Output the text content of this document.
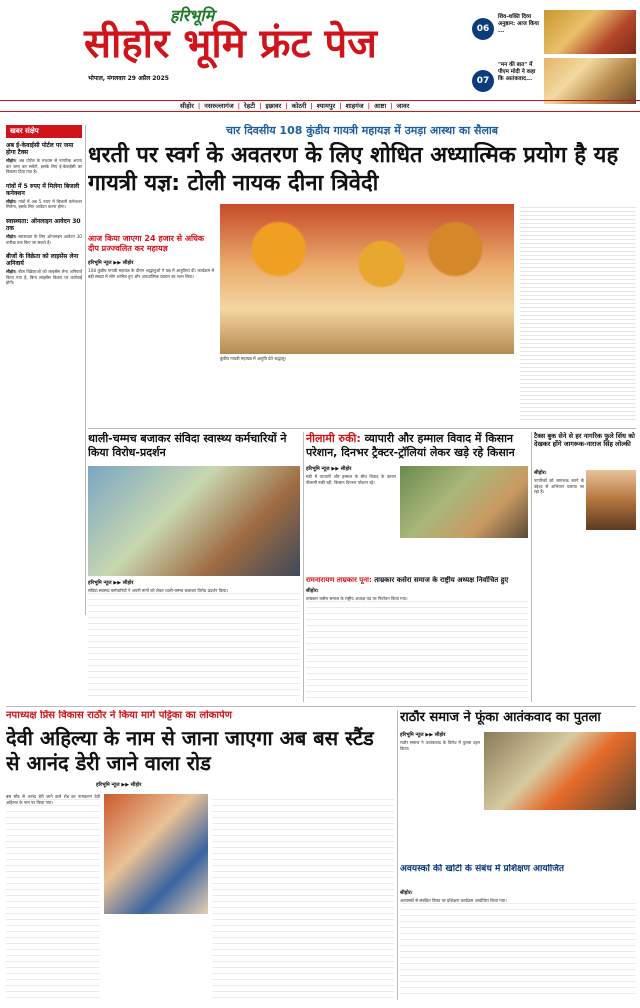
हरिभूमि
सीहोर भूमि फ्रंट पेज
भोपाल, मंगलवार 29 अप्रैल 2025
06
शिव-शक्ति दिव्य अनुष्ठान: आज किया ...
07
"मन की बात" में पीएम मोदी ने कहा कि आतंकवाद...
सीहोर | नसरुल्लागंज | रेहटी | इछावर | कोठरी | श्यामपुर | शाहगंज | आष्टा | जावर
खबर संक्षेप
अब ई-केवाईसी पोर्टल पर जमा होगा टैक्स
सीहोर। अब पोर्टल के माध्यम से नागरिक अपना कर जमा कर सकेंगे, इसके लिए ई-केवाईसी का विकल्प दिया गया है।
गांवों में 5 रुपए में मिलेगा बिजली कनेक्शन
सीहोर। गांवों में अब 5 रुपए में बिजली कनेक्शन मिलेगा, इसके लिए आवेदन करना होगा।
स्वास्थ्यता: ऑनलाइन आवेदन 30 तक
सीहोर। स्वास्थ्यता के लिए ऑनलाइन आवेदन 30 तारीख तक किए जा सकते हैं।
बीजों के विक्रेता को लाइसेंस लेना अनिवार्य
सीहोर। बीज विक्रेताओं को लाइसेंस लेना अनिवार्य किया गया है, बिना लाइसेंस विक्रय पर कार्रवाई होगी।
चार दिवसीय 108 कुंडीय गायत्री महायज्ञ में उमड़ा आस्था का सैलाब
धरती पर स्वर्ग के अवतरण के लिए शोधित अध्यात्मिक प्रयोग है यह गायत्री यज्ञ: टोली नायक दीना त्रिवेदी
आज किया जाएगा 24 हजार से अधिक दीप प्रज्ज्वलित कर महायज्ञ
हरिभूमि न्यूज ▶▶ सीहोर
108 कुंडीय गायत्री महायज्ञ के दौरान श्रद्धालुओं ने यज्ञ में आहुतियां दीं। कार्यक्रम में बड़ी संख्या में लोग शामिल हुए और आध्यात्मिक प्रवचन का लाभ लिया।
कुंडीय गायत्री महायज्ञ में आहुति देते श्रद्धालु।
थाली-चम्मच बजाकर संविदा स्वास्थ्य कर्मचारियों ने किया विरोध-प्रदर्शन
हरिभूमि न्यूज ▶▶ सीहोर
संविदा स्वास्थ्य कर्मचारियों ने अपनी मांगों को लेकर थाली-चम्मच बजाकर विरोध प्रदर्शन किया।
नीलामी रुकी: व्यापारी और हम्माल विवाद में किसान परेशान, दिनभर ट्रैक्टर-ट्रॉलियां लेकर खड़े रहे किसान
हरिभूमि न्यूज ▶▶ सीहोर
मंडी में व्यापारी और हम्माल के बीच विवाद के कारण नीलामी रुकी रही, किसान दिनभर परेशान रहे।
रामनारायण ताम्रकार पूना: ताम्रकार कसेरा समाज के राष्ट्रीय अध्यक्ष निर्वाचित हुए
सीहोर।
ताम्रकार कसेरा समाज के राष्ट्रीय अध्यक्ष पद पर निर्वाचन किया गया।
टैक्स बुक सेने से हर नागरिक फुले सिंध को देखकर होंगे जागरूक-नाराज सिंह लोल्की
सीहोर।
नागरिकों को जागरूक करने के उद्देश्य से अभियान चलाया जा रहा है।
नपाध्यक्ष प्रिंस विकास राठौर ने किया मार्ग पट्टिका का लोकार्पण
देवी अहिल्या के नाम से जाना जाएगा अब बस स्टैंड से आनंद डेरी जाने वाला रोड
हरिभूमि न्यूज ▶▶ सीहोर
बस स्टैंड से आनंद डेरी जाने वाले रोड का नामकरण देवी अहिल्या के नाम पर किया गया।
राठौर समाज ने फूंका आतंकवाद का पुतला
हरिभूमि न्यूज ▶▶ सीहोर
राठौर समाज ने आतंकवाद के विरोध में पुतला दहन किया।
अवयस्कों की खोटी के संबंध में प्रशिक्षण आयोजित
सीहोर।
अवयस्कों से संबंधित विषय पर प्रशिक्षण कार्यक्रम आयोजित किया गया।
